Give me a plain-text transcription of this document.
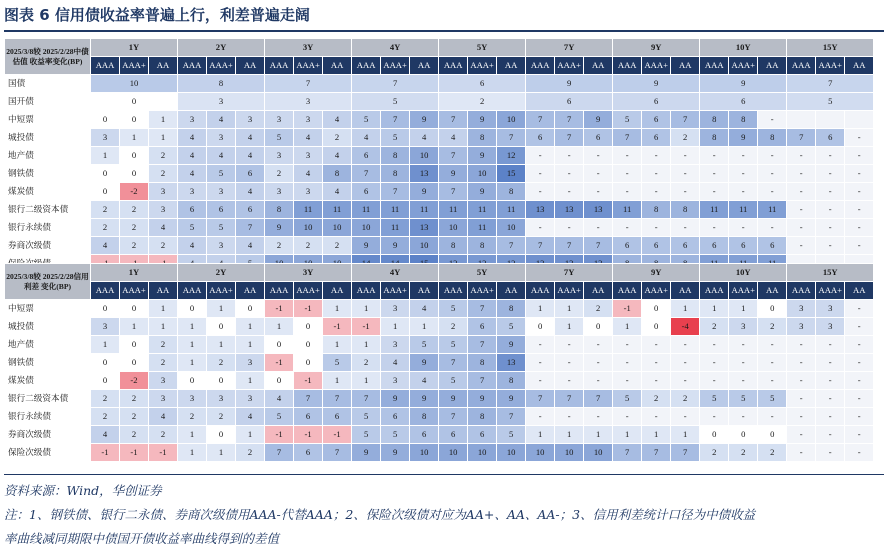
图表 6 信用债收益率普遍上行，利差普遍走阔
2025/3/8较 2025/2/28中债估值 收益率变化(BP)	1Y			2Y			3Y			4Y			5Y			7Y			9Y			10Y			15Y		
	AAA	AAA+	AA	AAA	AAA+	AA	AAA	AAA+	AA	AAA	AAA+	AA	AAA	AAA+	AA	AAA	AAA+	AA	AAA	AAA+	AA	AAA	AAA+	AA	AAA	AAA+	AA
国债	10			8			7			7			6			9			9			9			7		
国开债	0			3			3			5			2			6			6			6			5		
中短票	0	0	1	3	4	3	3	3	4	5	7	9	7	9	10	7	7	9	5	6	7	8	8	-			
城投债	3	1	1	4	3	4	5	4	2	4	5	4	4	8	7	6	7	6	7	6	2	8	9	8	7	6	-
地产债	1	0	2	4	4	4	3	3	4	6	8	10	7	9	12	-	-	-	-	-	-	-	-	-	-	-	-
钢铁债	0	0	2	4	5	6	2	4	8	7	8	13	9	10	15	-	-	-	-	-	-	-	-	-	-	-	-
煤炭债	0	-2	3	3	3	4	3	3	4	6	7	9	7	9	8	-	-	-	-	-	-	-	-	-	-	-	-
银行二级资本债	2	2	3	6	6	6	8	11	11	11	11	11	11	11	11	13	13	13	11	8	8	11	11	11	-	-	-
银行永续债	2	2	4	5	5	7	9	10	10	10	11	13	10	11	10	-	-	-	-	-	-	-	-	-	-	-	-
券商次级债	4	2	2	4	3	4	2	2	2	9	9	10	8	8	7	7	7	7	6	6	6	6	6	6	-	-	-

2025/3/8较 2025/2/28信用利差 变化(BP)	1Y			2Y			3Y			4Y			5Y			7Y			9Y			10Y			15Y		
	AAA	AAA+	AA	AAA	AAA+	AA	AAA	AAA+	AA	AAA	AAA+	AA	AAA	AAA+	AA	AAA	AAA+	AA	AAA	AAA+	AA	AAA	AAA+	AA	AAA	AAA+	AA
中短票	0	0	1	0	1	0	-1	-1	1	1	3	4	5	7	8	1	1	2	-1	0	1	1	1	0	3	3	-
城投债	3	1	1	1	0	1	1	0	-1	-1	1	1	2	6	5	0	1	0	1	0	-4	2	3	2	3	3	-
地产债	1	0	2	1	1	1	0	0	1	1	3	5	5	7	9	-	-	-	-	-	-	-	-	-	-	-	-
钢铁债	0	0	2	1	2	3	-1	0	5	2	4	9	7	8	13	-	-	-	-	-	-	-	-	-	-	-	-
煤炭债	0	-2	3	0	0	1	0	-1	1	1	3	4	5	7	8	-	-	-	-	-	-	-	-	-	-	-	-
银行二级资本债	2	2	3	3	3	3	4	7	7	7	9	9	9	9	9	7	7	7	5	2	2	5	5	5	-	-	-
银行永续债	2	2	4	2	2	4	5	6	6	5	6	8	7	8	7	-	-	-	-	-	-	-	-	-	-	-	-
券商次级债	4	2	2	1	0	1	-1	-1	-1	5	5	6	6	6	5	1	1	1	1	1	1	0	0	0	-	-	-
保险次级债	-1	-1	-1	1	1	2	7	6	7	9	9	10	10	10	10	10	10	10	7	7	7	2	2	2	-	-	-
资料来源：Wind，华创证券
注：1、钢铁债、银行二永债、券商次级债用AAA-代替AAA；2、保险次级债对应为AA+、AA、AA-；3、信用利差统计口径为中债收益
率曲线减同期限中债国开债收益率曲线得到的差值
